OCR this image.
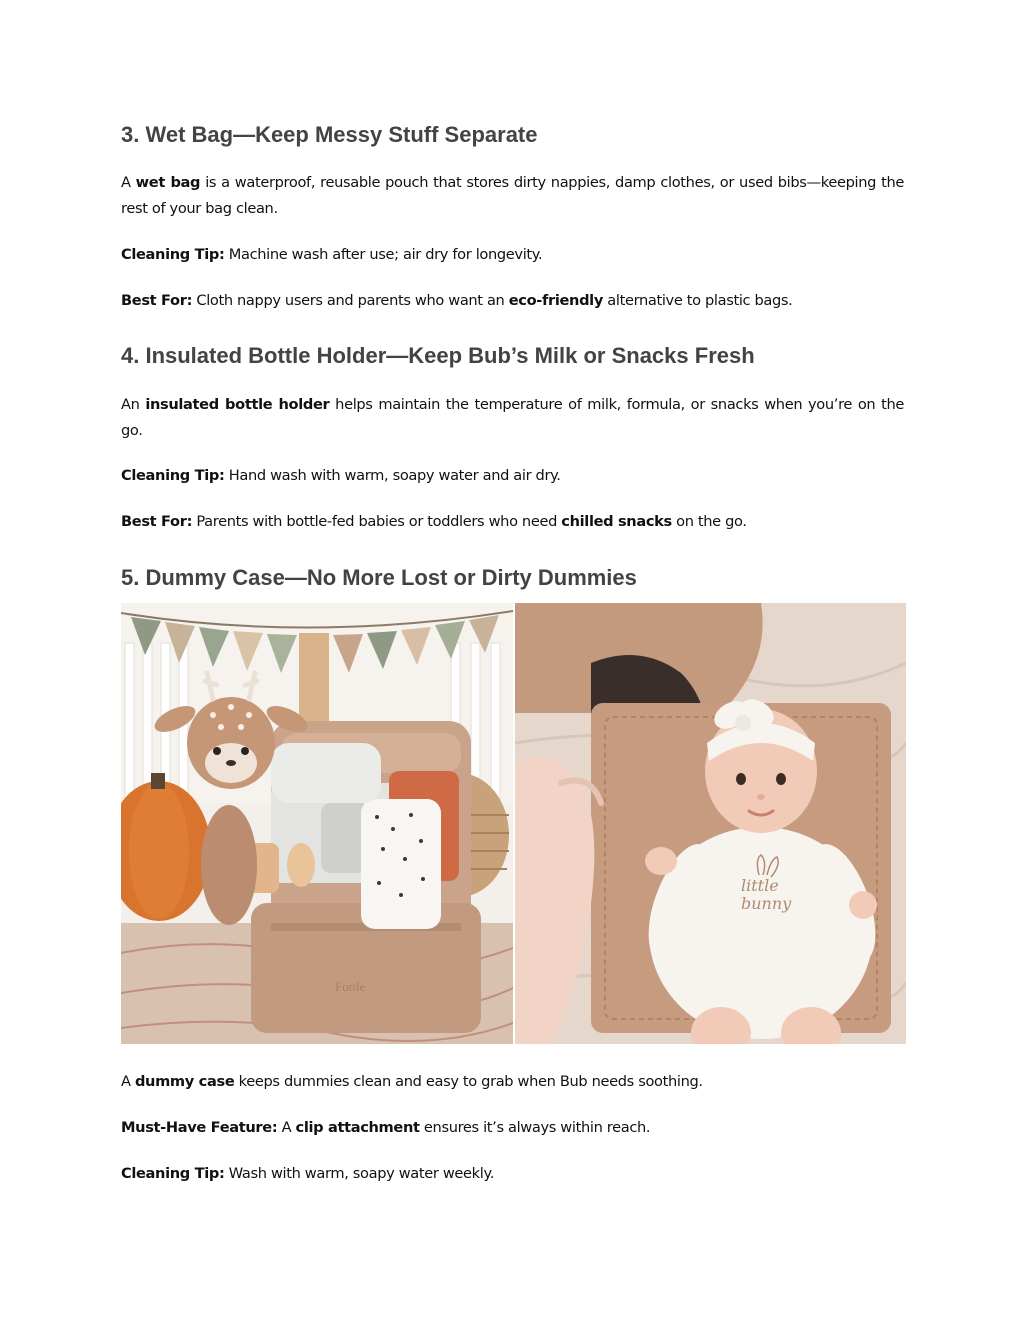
3. Wet Bag—Keep Messy Stuff Separate

A wet bag is a waterproof, reusable pouch that stores dirty nappies, damp clothes, or used bibs—keeping the rest of your bag clean.

Cleaning Tip: Machine wash after use; air dry for longevity.

Best For: Cloth nappy users and parents who want an eco-friendly alternative to plastic bags.

4. Insulated Bottle Holder—Keep Bub’s Milk or Snacks Fresh

An insulated bottle holder helps maintain the temperature of milk, formula, or snacks when you’re on the go.

Cleaning Tip: Hand wash with warm, soapy water and air dry.

Best For: Parents with bottle-fed babies or toddlers who need chilled snacks on the go.

5. Dummy Case—No More Lost or Dirty Dummies
Fottle
little
bunny

A dummy case keeps dummies clean and easy to grab when Bub needs soothing.

Must-Have Feature: A clip attachment ensures it’s always within reach.

Cleaning Tip: Wash with warm, soapy water weekly.
